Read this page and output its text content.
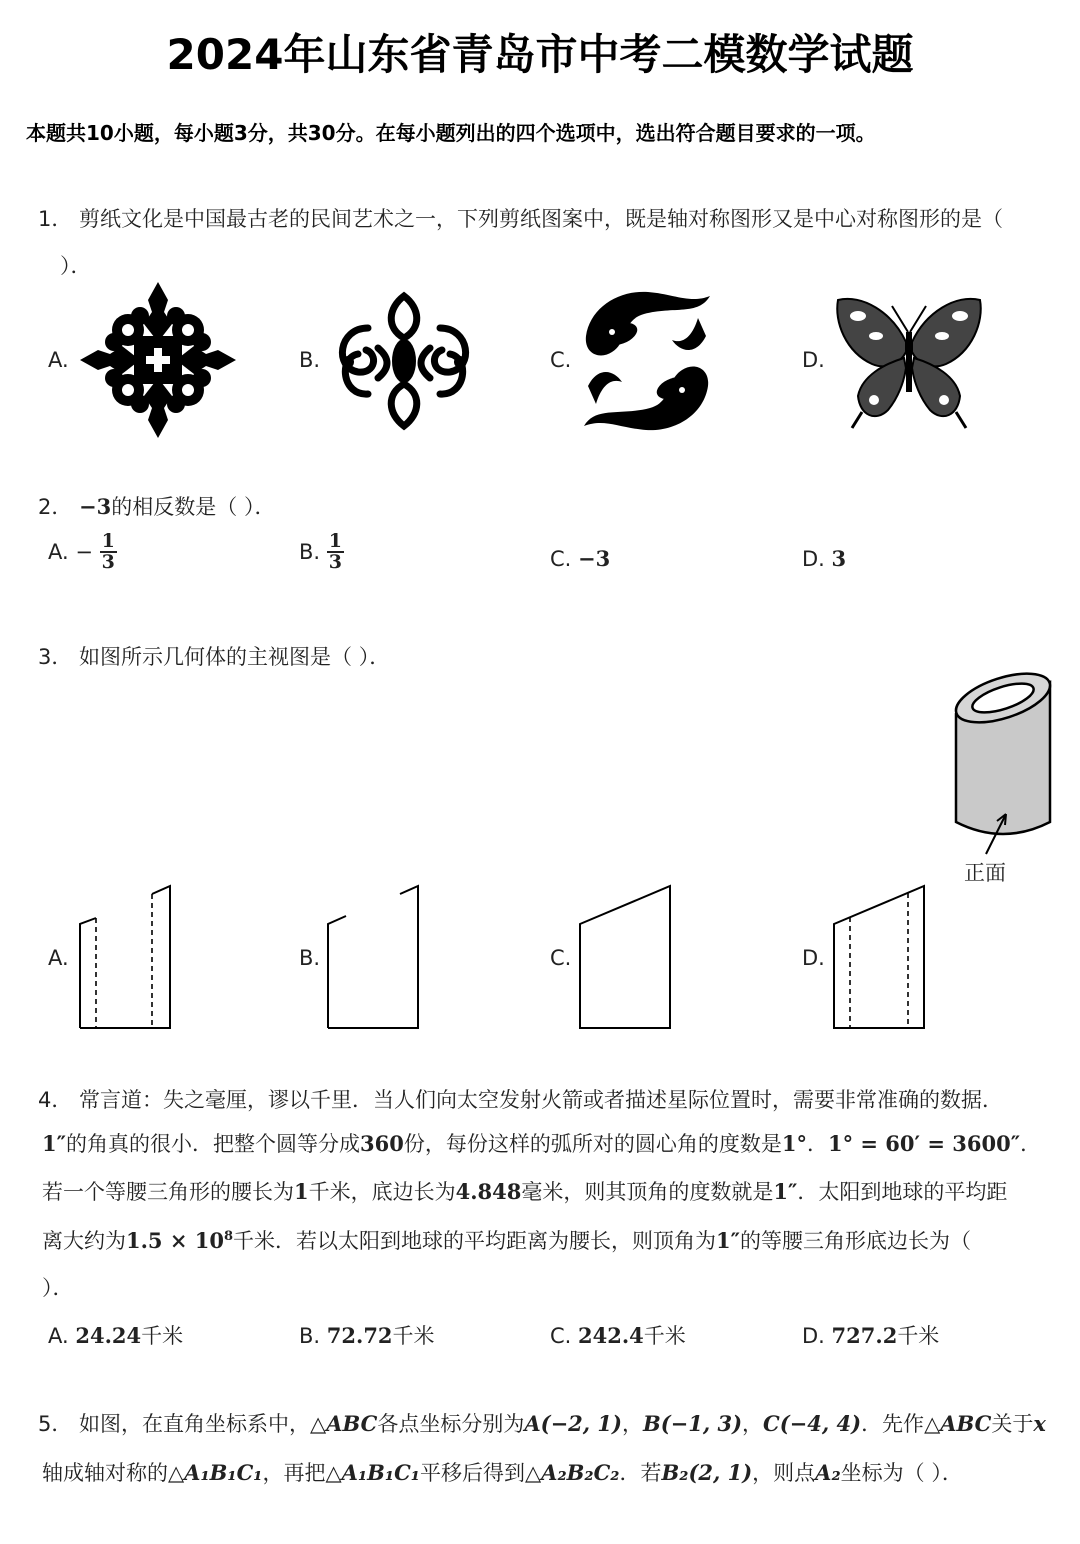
2024年山东省青岛市中考二模数学试题
本题共10小题，每小题3分，共30分。在每小题列出的四个选项中，选出符合题目要求的一项。
1． 剪纸文化是中国最古老的民间艺术之一，下列剪纸图案中，既是轴对称图形又是中心对称图形的是（
）．
A.	B.	C.	D.
2． −3的相反数是（ ）．
A. − $\frac{1}{3}$	B. $\frac{1}{3}$	C. −3	D. 3
3． 如图所示几何体的主视图是（ ）．
正面
A.	B.	C.	D.
4． 常言道：失之毫厘，谬以千里．当人们向太空发射火箭或者描述星际位置时，需要非常准确的数据．
1″的角真的很小．把整个圆等分成360份，每份这样的弧所对的圆心角的度数是1°．1° = 60′ = 3600″．
若一个等腰三角形的腰长为1千米，底边长为4.848毫米，则其顶角的度数就是1″．太阳到地球的平均距
离大约为$1.5 \times 10^8$千米．若以太阳到地球的平均距离为腰长，则顶角为1″的等腰三角形底边长为（
）．
A. 24.24千米	B. 72.72千米	C. 242.4千米	D. 727.2千米
5． 如图，在直角坐标系中，△ABC各点坐标分别为A(−2, 1)，B(−1, 3)，C(−4, 4)．先作△ABC关于x
轴成轴对称的△A₁B₁C₁，再把△A₁B₁C₁平移后得到△A₂B₂C₂．若B₂(2, 1)，则点A₂坐标为（ ）．
